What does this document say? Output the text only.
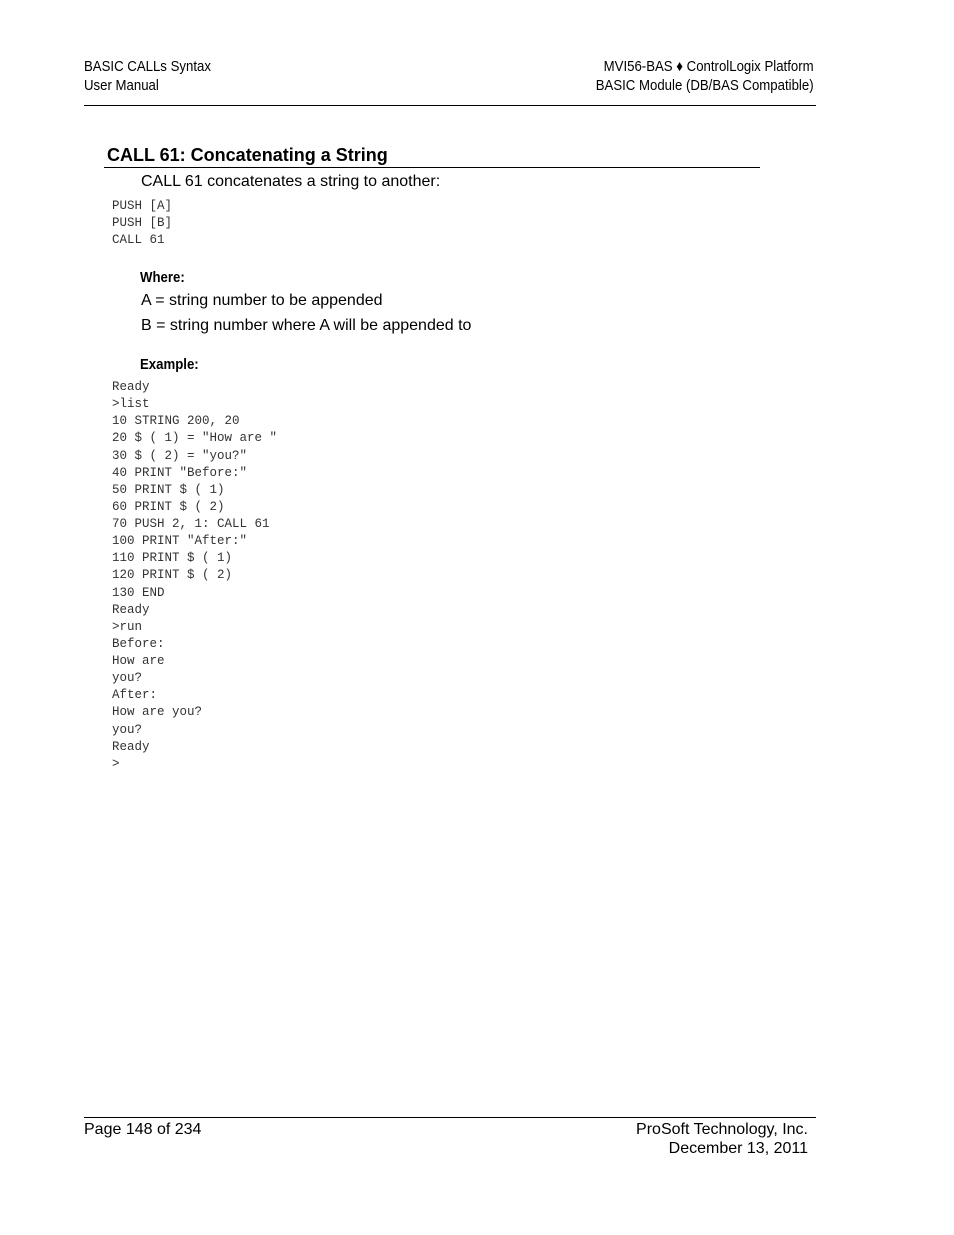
BASIC CALLs Syntax
User Manual
MVI56-BAS ♦ ControlLogix Platform
BASIC Module (DB/BAS Compatible)
CALL 61: Concatenating a String
CALL 61 concatenates a string to another:
PUSH [A]
PUSH [B]
CALL 61
Where:
A = string number to be appended
B = string number where A will be appended to
Example:
Ready
>list
10 STRING 200, 20
20 $ ( 1) = "How are "
30 $ ( 2) = "you?"
40 PRINT "Before:"
50 PRINT $ ( 1)
60 PRINT $ ( 2)
70 PUSH 2, 1: CALL 61
100 PRINT "After:"
110 PRINT $ ( 1)
120 PRINT $ ( 2)
130 END
Ready
>run
Before:
How are
you?
After:
How are you?
you?
Ready
>
Page 148 of 234	ProSoft Technology, Inc.
December 13, 2011
